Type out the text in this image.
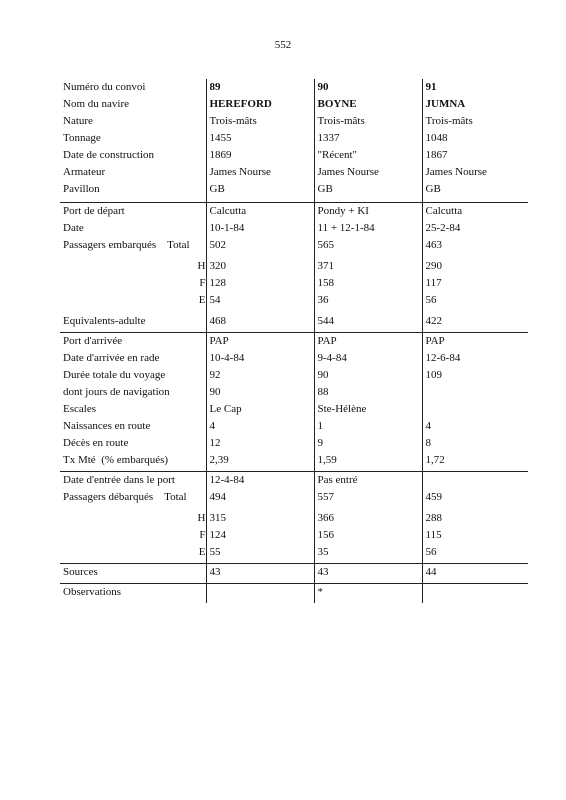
552
Numéro du convoi	89	90	91
Nom du navire	HEREFORD	BOYNE	JUMNA
Nature	Trois-mâts	Trois-mâts	Trois-mâts
Tonnage	1455	1337	1048
Date de construction	1869	"Récent"	1867
Armateur	James Nourse	James Nourse	James Nourse
Pavillon	GB	GB	GB

Port de départ	Calcutta	Pondy + KI	Calcutta
Date	10-1-84	11 + 12-1-84	25-2-84
Passagers embarqués Total	502	565	463

H	320	371	290
F	128	158	117
E	54	36	56

Equivalents-adulte	468	544	422

Port d'arrivée	PAP	PAP	PAP
Date d'arrivée en rade	10-4-84	9-4-84	12-6-84
Durée totale du voyage	92	90	109
dont jours de navigation	90	88	
Escales	Le Cap	Ste-Hélène	
Naissances en route	4	1	4
Décès en route	12	9	8
Tx Mté (% embarqués)	2,39	1,59	1,72

Date d'entrée dans le port	12-4-84	Pas entré	
Passagers débarqués Total	494	557	459

H	315	366	288
F	124	156	115
E	55	35	56

Sources	43	43	44

Observations		*	
